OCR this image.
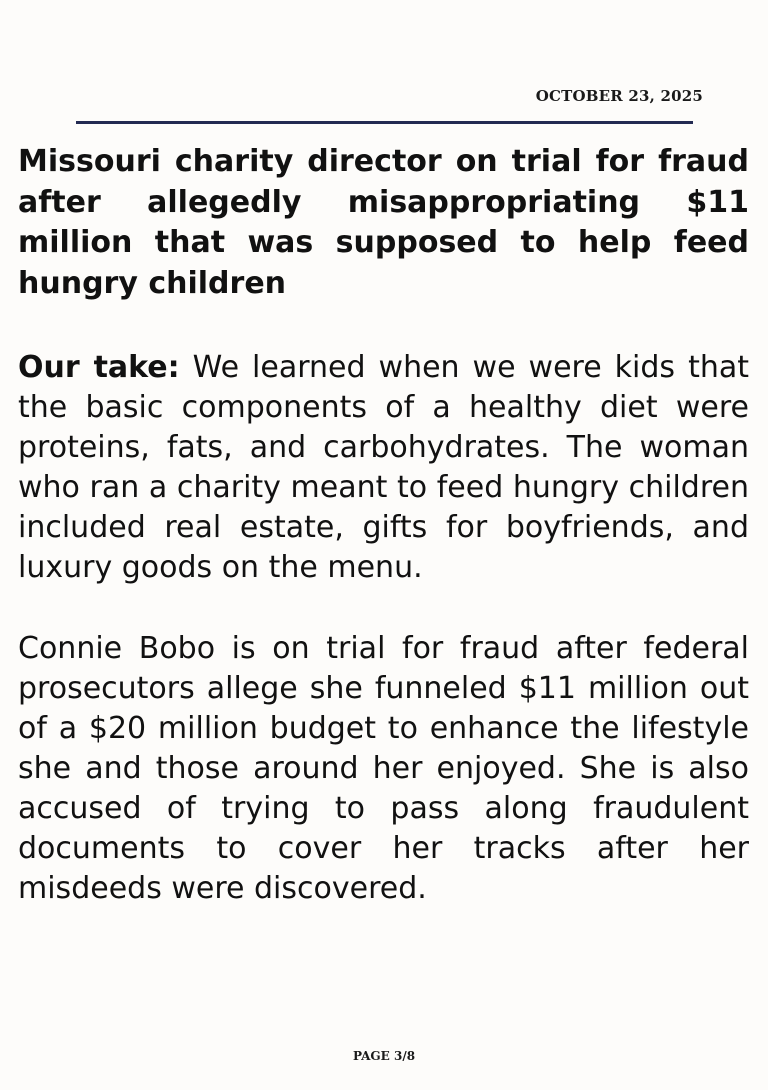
OCTOBER 23, 2025
Missouri charity director on trial for fraud after allegedly misappropriating $11 million that was supposed to help feed hungry children

Our take: We learned when we were kids that the basic components of a healthy diet were proteins, fats, and carbohydrates. The woman who ran a charity meant to feed hungry children included real estate, gifts for boyfriends, and luxury goods on the menu.

Connie Bobo is on trial for fraud after federal prosecutors allege she funneled $11 million out of a $20 million budget to enhance the lifestyle she and those around her enjoyed. She is also accused of trying to pass along fraudulent documents to cover her tracks after her misdeeds were discovered.

PAGE 3/8
